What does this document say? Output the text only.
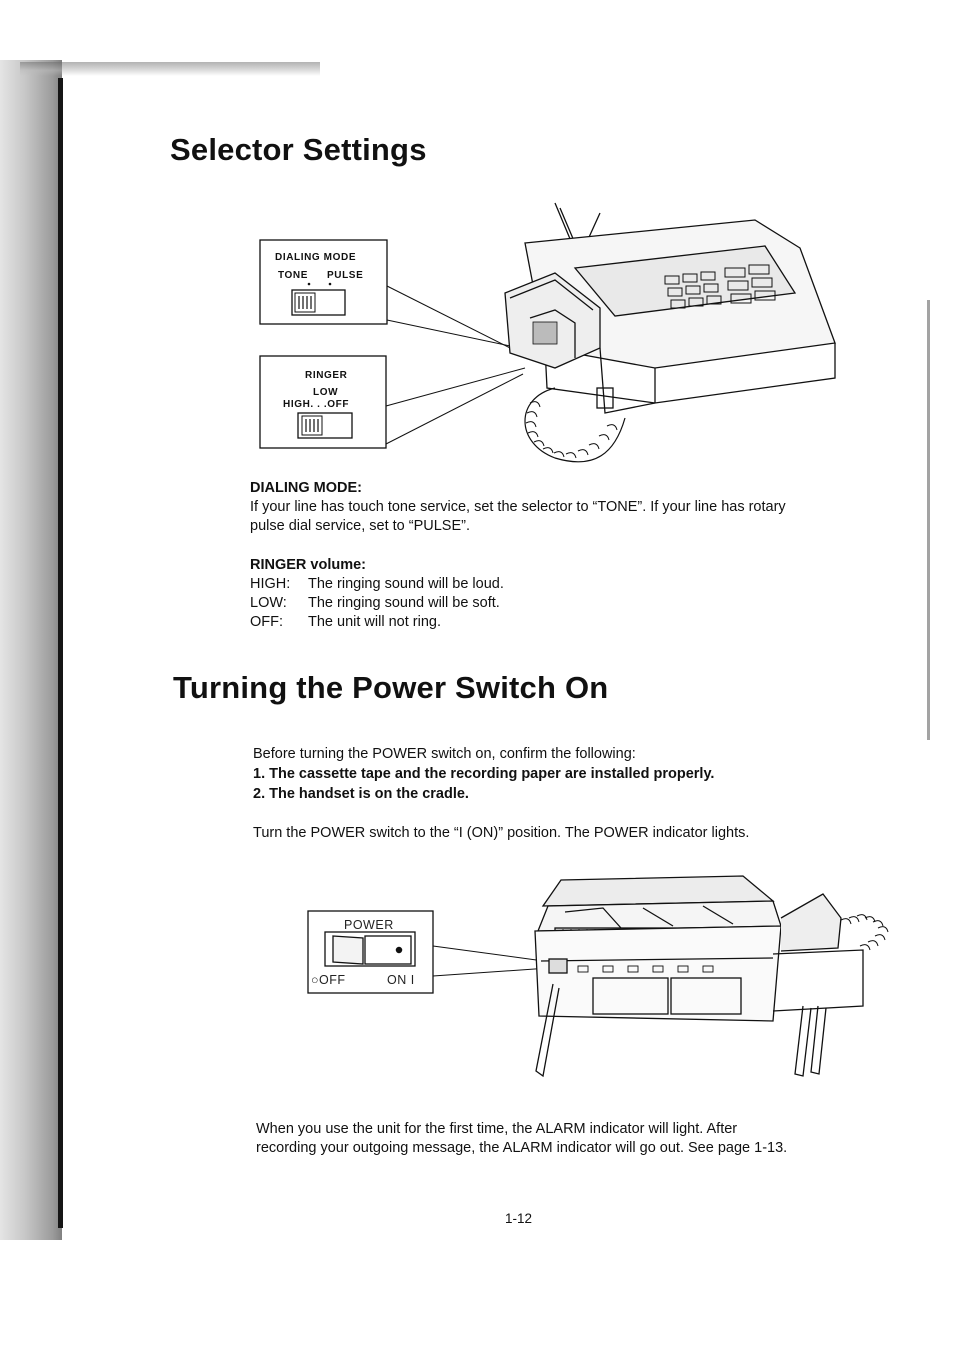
Selector Settings
DIALING MODE
TONE PULSE
RINGER
LOW
HIGH. . .OFF

DIALING MODE:

If your line has touch tone service, set the selector to “TONE”. If your line has rotary

pulse dial service, set to “PULSE”.

RINGER volume:

HIGH:	The ringing sound will be loud.
LOW:	The ringing sound will be soft.
OFF:	The unit will not ring.
Turning the Power Switch On

Before turning the POWER switch on, confirm the following:

1. The cassette tape and the recording paper are installed properly.

2. The handset is on the cradle.

Turn the POWER switch to the “I (ON)” position. The POWER indicator lights.

POWER
○OFF	ON I

When you use the unit for the first time, the ALARM indicator will light. After

recording your outgoing message, the ALARM indicator will go out. See page 1-13.

1-12
